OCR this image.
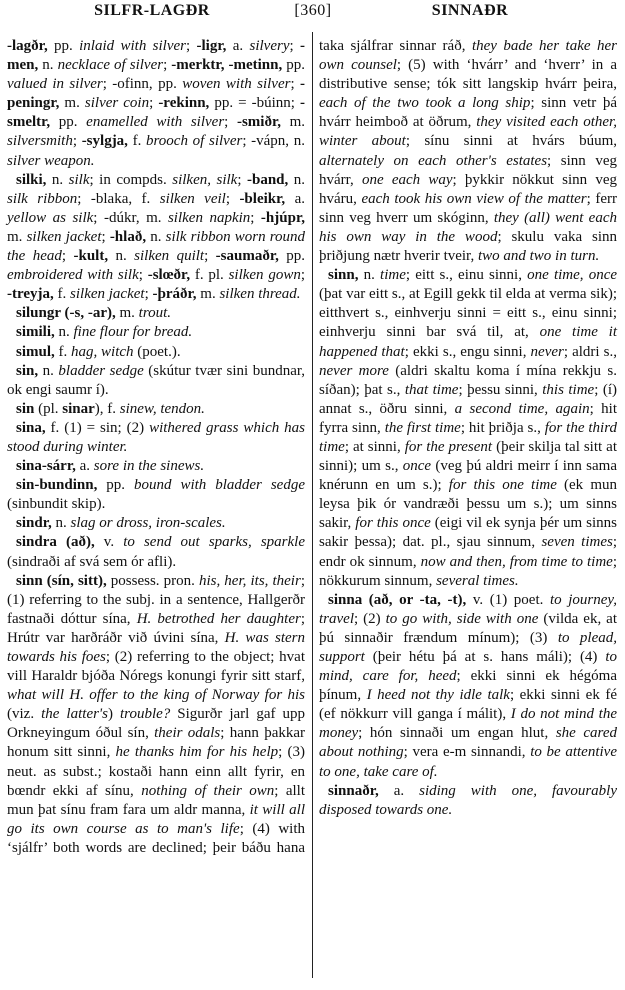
SILFR-LAGÐR	[360]	SINNAÐR

-lagðr, pp. inlaid with silver; -ligr, a. silvery; -men, n. necklace of silver; -merktr, -metinn, pp. valued in silver; -ofinn, pp. woven with silver; -peningr, m. silver coin; -rekinn, pp. = -búinn; -smeltr, pp. enamelled with silver; -smiðr, m. silversmith; -sylgja, f. brooch of silver; -vápn, n. silver weapon.

silki, n. silk; in compds. silken, silk; -band, n. silk ribbon; -blaka, f. silken veil; -bleikr, a. yellow as silk; -dúkr, m. silken napkin; -hjúpr, m. silken jacket; -hlað, n. silk ribbon worn round the head; -kult, n. silken quilt; -saumaðr, pp. embroidered with silk; -slœðr, f. pl. silken gown; -treyja, f. silken jacket; -þráðr, m. silken thread.

silungr (-s, -ar), m. trout.

simili, n. fine flour for bread.

simul, f. hag, witch (poet.).

sin, n. bladder sedge (skútur tvær sini bundnar, ok engi saumr í).

sin (pl. sinar), f. sinew, tendon.

sina, f. (1) = sin; (2) withered grass which has stood during winter.

sina-sárr, a. sore in the sinews.

sin-bundinn, pp. bound with bladder sedge (sinbundit skip).

sindr, n. slag or dross, iron-scales.

sindra (að), v. to send out sparks, sparkle (sindraði af svá sem ór afli).

sinn (sín, sitt), possess. pron. his, her, its, their; (1) referring to the subj. in a sentence, Hallgerðr fastnaði dóttur sína, H. betrothed her daughter; Hrútr var harðráðr við úvini sína, H. was stern towards his foes; (2) referring to the object; hvat vill Haraldr bjóða Nóregs konungi fyrir sitt starf, what will H. offer to the king of Norway for his (viz. the latter's) trouble? Sigurðr jarl gaf upp Orkneyingum óðul sín, their odals; hann þakkar honum sitt sinni, he thanks him for his help; (3) neut. as subst.; kostaði hann einn allt fyrir, en bœndr ekki af sínu, nothing of their own; allt mun þat sínu fram fara um aldr manna, it will all go its own course as to man's life; (4) with ‘sjálfr’ both words are declined; þeir báðu hana

taka sjálfrar sinnar ráð, they bade her take her own counsel; (5) with ‘hvárr’ and ‘hverr’ in a distributive sense; tók sitt langskip hvárr þeira, each of the two took a long ship; sinn vetr þá hvárr heimboð at öðrum, they visited each other, winter about; sínu sinni at hvárs búum, alternately on each other's estates; sinn veg hvárr, one each way; þykkir nökkut sinn veg hváru, each took his own view of the matter; ferr sinn veg hverr um skóginn, they (all) went each his own way in the wood; skulu vaka sinn þriðjung nætr hverir tveir, two and two in turn.

sinn, n. time; eitt s., einu sinni, one time, once (þat var eitt s., at Egill gekk til elda at verma sik); eitthvert s., einhverju sinni = eitt s., einu sinni; einhverju sinni bar svá til, at, one time it happened that; ekki s., engu sinni, never; aldri s., never more (aldri skaltu koma í mína rekkju s. síðan); þat s., that time; þessu sinni, this time; (í) annat s., öðru sinni, a second time, again; hit fyrra sinn, the first time; hit þriðja s., for the third time; at sinni, for the present (þeir skilja tal sitt at sinni); um s., once (veg þú aldri meirr í inn sama knérunn en um s.); for this one time (ek mun leysa þik ór vandræði þessu um s.); um sinns sakir, for this once (eigi vil ek synja þér um sinns sakir þessa); dat. pl., sjau sinnum, seven times; endr ok sinnum, now and then, from time to time; nökkurum sinnum, several times.

sinna (að, or -ta, -t), v. (1) poet. to journey, travel; (2) to go with, side with one (vilda ek, at þú sinnaðir frændum mínum); (3) to plead, support (þeir hétu þá at s. hans máli); (4) to mind, care for, heed; ekki sinni ek hégóma þínum, I heed not thy idle talk; ekki sinni ek fé (ef nökkurr vill ganga í málit), I do not mind the money; hón sinnaði um engan hlut, she cared about nothing; vera e-m sinnandi, to be attentive to one, take care of.

sinnaðr, a. siding with one, favourably disposed towards one.
